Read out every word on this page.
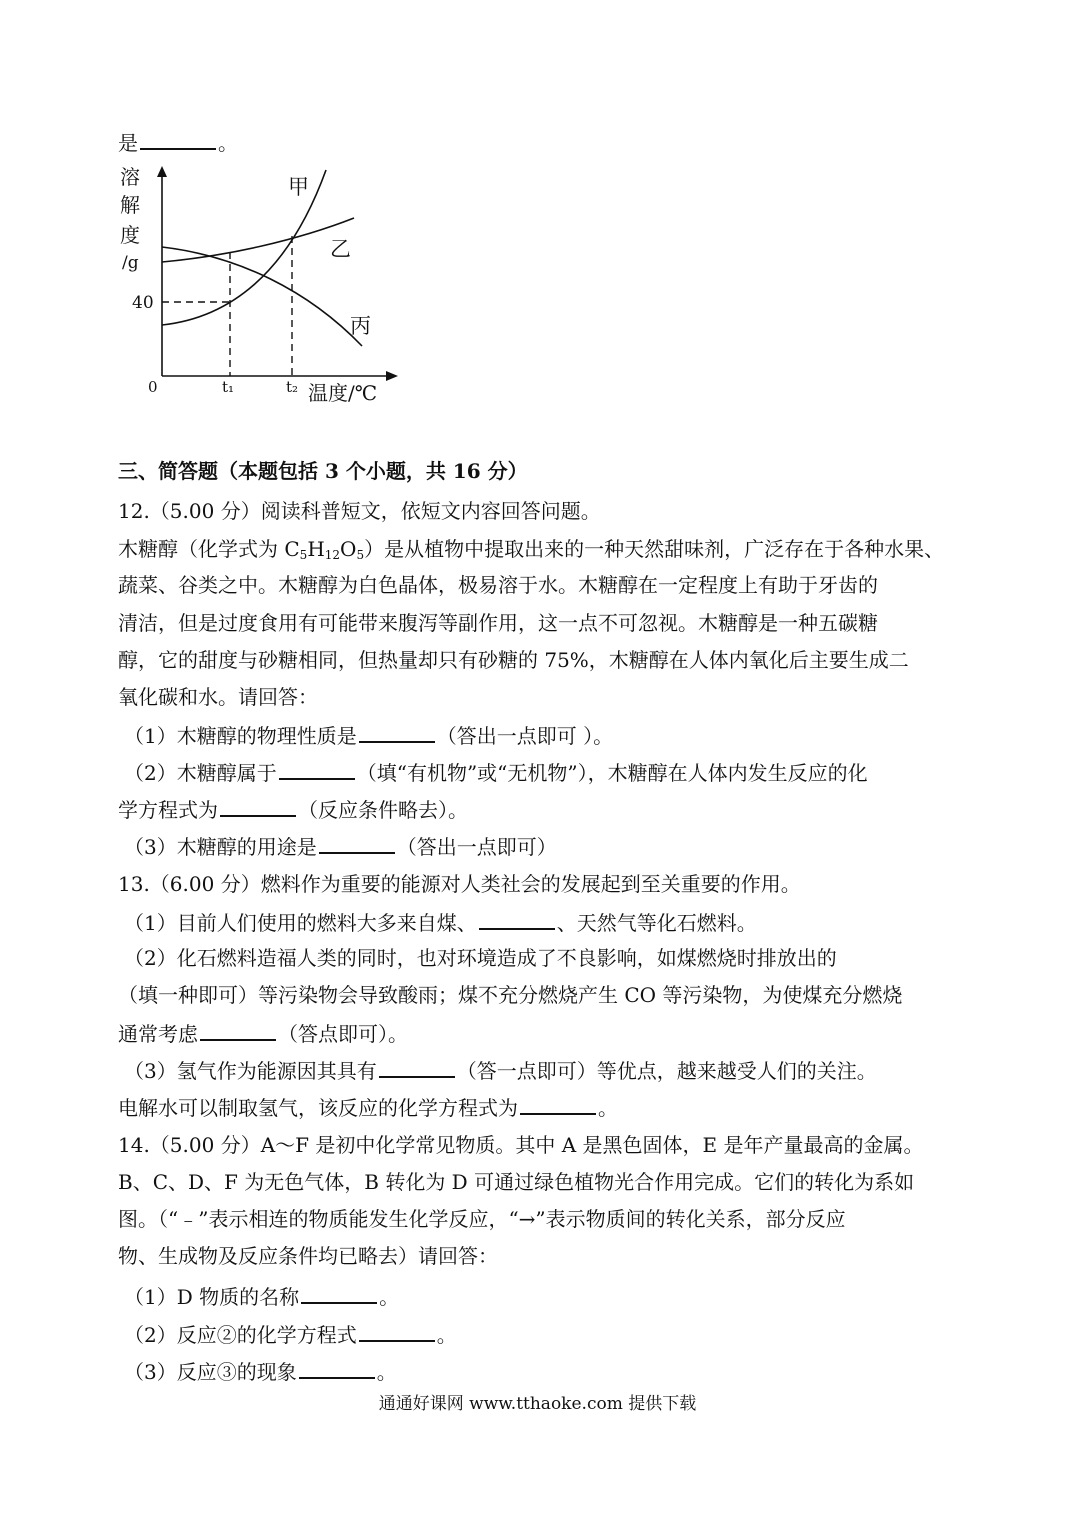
是	。
溶
解
度
/g
40
0	t₁	t₂ 温度/℃
甲
乙
丙
三、简答题（本题包括 3 个小题，共 16 分）
12.（5.00 分）阅读科普短文，依短文内容回答问题。
木糖醇（化学式为 $C_5H_{12}O_5$）是从植物中提取出来的一种天然甜味剂，广泛存在于各种水果、
蔬菜、谷类之中。木糖醇为白色晶体，极易溶于水。木糖醇在一定程度上有助于牙齿的
清洁，但是过度食用有可能带来腹泻等副作用，这一点不可忽视。木糖醇是一种五碳糖
醇，它的甜度与砂糖相同，但热量却只有砂糖的 75%，木糖醇在人体内氧化后主要生成二
氧化碳和水。请回答：
（1）木糖醇的物理性质是	（答出一点即可 ）。
（2）木糖醇属于	（填“有机物”或“无机物”），木糖醇在人体内发生反应的化
学方程式为	（反应条件略去）。
（3）木糖醇的用途是	（答出一点即可）
13.（6.00 分）燃料作为重要的能源对人类社会的发展起到至关重要的作用。
（1）目前人们使用的燃料大多来自煤、	、天然气等化石燃料。
（2）化石燃料造福人类的同时，也对环境造成了不良影响，如煤燃烧时排放出的
（填一种即可）等污染物会导致酸雨；煤不充分燃烧产生 CO 等污染物，为使煤充分燃烧
通常考虑	（答点即可）。
（3）氢气作为能源因其具有	（答一点即可）等优点，越来越受人们的关注。
电解水可以制取氢气，该反应的化学方程式为	。
14.（5.00 分）A～F 是初中化学常见物质。其中 A 是黑色固体，E 是年产量最高的金属。
B、C、D、F 为无色气体，B 转化为 D 可通过绿色植物光合作用完成。它们的转化为系如
图。（“﹣”表示相连的物质能发生化学反应，“→”表示物质间的转化关系，部分反应
物、生成物及反应条件均已略去）请回答：
（1）D 物质的名称	。
（2）反应②的化学方程式	。
（3）反应③的现象	。
通通好课网 www.tthaoke.com 提供下载
